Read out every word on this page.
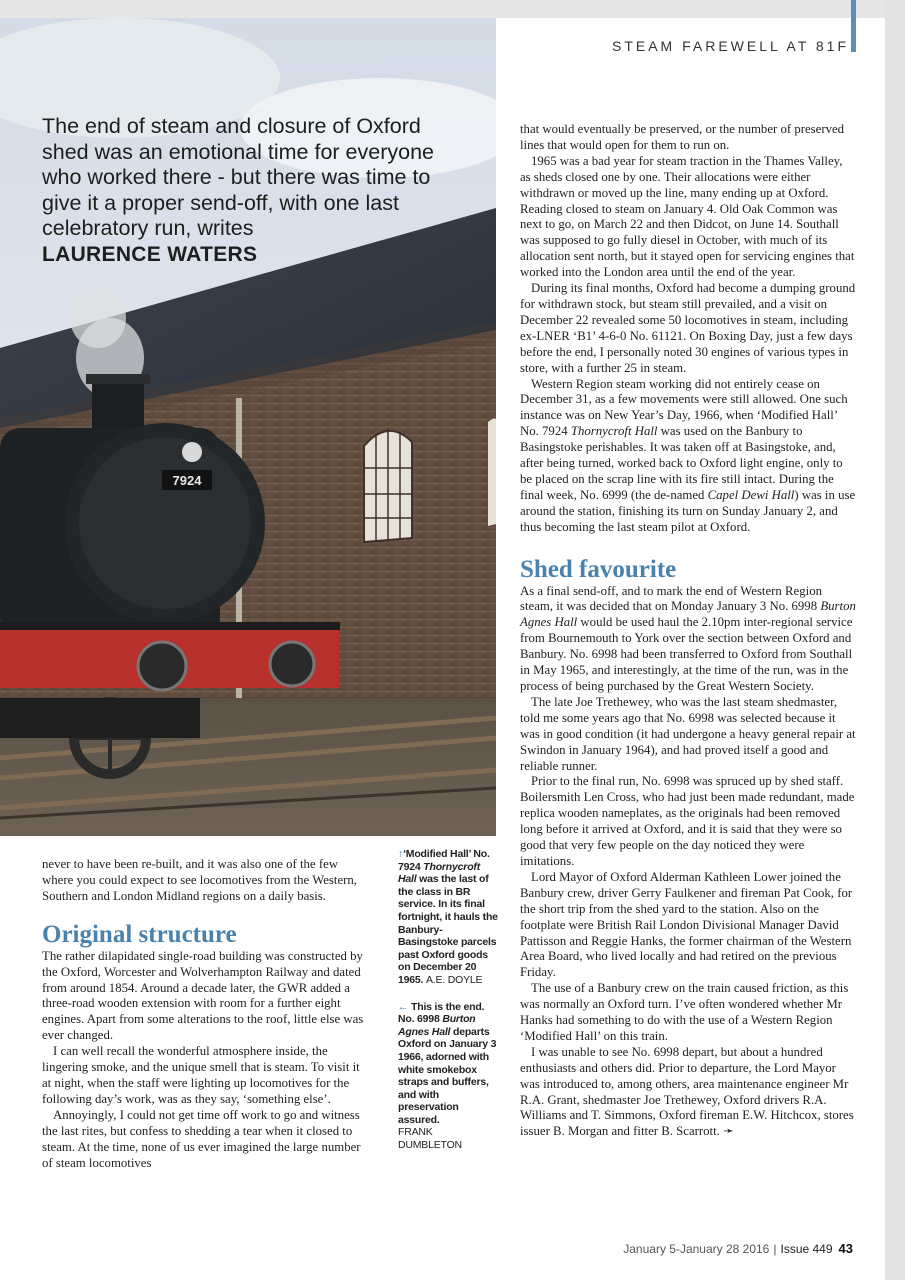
STEAM FAREWELL AT 81F
7924
The end of steam and closure of Oxford shed was an emotional time for everyone who worked there - but there was time to give it a proper send-off, with one last celebratory run, writes
LAURENCE WATERS

never to have been re-built, and it was also one of the few where you could expect to see locomotives from the Western, Southern and London Midland regions on a daily basis.

Original structure

The rather dilapidated single-road building was constructed by the Oxford, Worcester and Wolverhampton Railway and dated from around 1854. Around a decade later, the GWR added a three-road wooden extension with room for a further eight engines. Apart from some alterations to the roof, little else was ever changed.

I can well recall the wonderful atmosphere inside, the lingering smoke, and the unique smell that is steam. To visit it at night, when the staff were lighting up locomotives for the following day’s work, was as they say, ‘something else’.

Annoyingly, I could not get time off work to go and witness the last rites, but confess to shedding a tear when it closed to steam. At the time, none of us ever imagined the large number of steam locomotives

↑‘Modified Hall’ No. 7924 Thornycroft Hall was the last of the class in BR service. In its final fortnight, it hauls the Banbury-Basingstoke parcels past Oxford goods on December 20 1965. A.E. DOYLE
← This is the end. No. 6998 Burton Agnes Hall departs Oxford on January 3 1966, adorned with white smokebox straps and buffers, and with preservation assured.
FRANK DUMBLETON

that would eventually be preserved, or the number of preserved lines that would open for them to run on.

1965 was a bad year for steam traction in the Thames Valley, as sheds closed one by one. Their allocations were either withdrawn or moved up the line, many ending up at Oxford. Reading closed to steam on January 4. Old Oak Common was next to go, on March 22 and then Didcot, on June 14. Southall was supposed to go fully diesel in October, with much of its allocation sent north, but it stayed open for servicing engines that worked into the London area until the end of the year.

During its final months, Oxford had become a dumping ground for withdrawn stock, but steam still prevailed, and a visit on December 22 revealed some 50 locomotives in steam, including ex-LNER ‘B1’ 4-6-0 No. 61121. On Boxing Day, just a few days before the end, I personally noted 30 engines of various types in store, with a further 25 in steam.

Western Region steam working did not entirely cease on December 31, as a few movements were still allowed. One such instance was on New Year’s Day, 1966, when ‘Modified Hall’ No. 7924 Thornycroft Hall was used on the Banbury to Basingstoke perishables. It was taken off at Basingstoke, and, after being turned, worked back to Oxford light engine, only to be placed on the scrap line with its fire still intact. During the final week, No. 6999 (the de-named Capel Dewi Hall) was in use around the station, finishing its turn on Sunday January 2, and thus becoming the last steam pilot at Oxford.

Shed favourite

As a final send-off, and to mark the end of Western Region steam, it was decided that on Monday January 3 No. 6998 Burton Agnes Hall would be used haul the 2.10pm inter-regional service from Bournemouth to York over the section between Oxford and Banbury. No. 6998 had been transferred to Oxford from Southall in May 1965, and interestingly, at the time of the run, was in the process of being purchased by the Great Western Society.

The late Joe Trethewey, who was the last steam shedmaster, told me some years ago that No. 6998 was selected because it was in good condition (it had undergone a heavy general repair at Swindon in January 1964), and had proved itself a good and reliable runner.

Prior to the final run, No. 6998 was spruced up by shed staff. Boilersmith Len Cross, who had just been made redundant, made replica wooden nameplates, as the originals had been removed long before it arrived at Oxford, and it is said that they were so good that very few people on the day noticed they were imitations.

Lord Mayor of Oxford Alderman Kathleen Lower joined the Banbury crew, driver Gerry Faulkener and fireman Pat Cook, for the short trip from the shed yard to the station. Also on the footplate were British Rail London Divisional Manager David Pattisson and Reggie Hanks, the former chairman of the Western Area Board, who lived locally and had retired on the previous Friday.

The use of a Banbury crew on the train caused friction, as this was normally an Oxford turn. I’ve often wondered whether Mr Hanks had something to do with the use of a Western Region ‘Modified Hall’ on this train.

I was unable to see No. 6998 depart, but about a hundred enthusiasts and others did. Prior to departure, the Lord Mayor was introduced to, among others, area maintenance engineer Mr R.A. Grant, shedmaster Joe Trethewey, Oxford drivers R.A. Williams and T. Simmons, Oxford fireman E.W. Hitchcox, stores issuer B. Morgan and fitter B. Scarrott. ➛

January 5-January 28 2016 | Issue 449 43
